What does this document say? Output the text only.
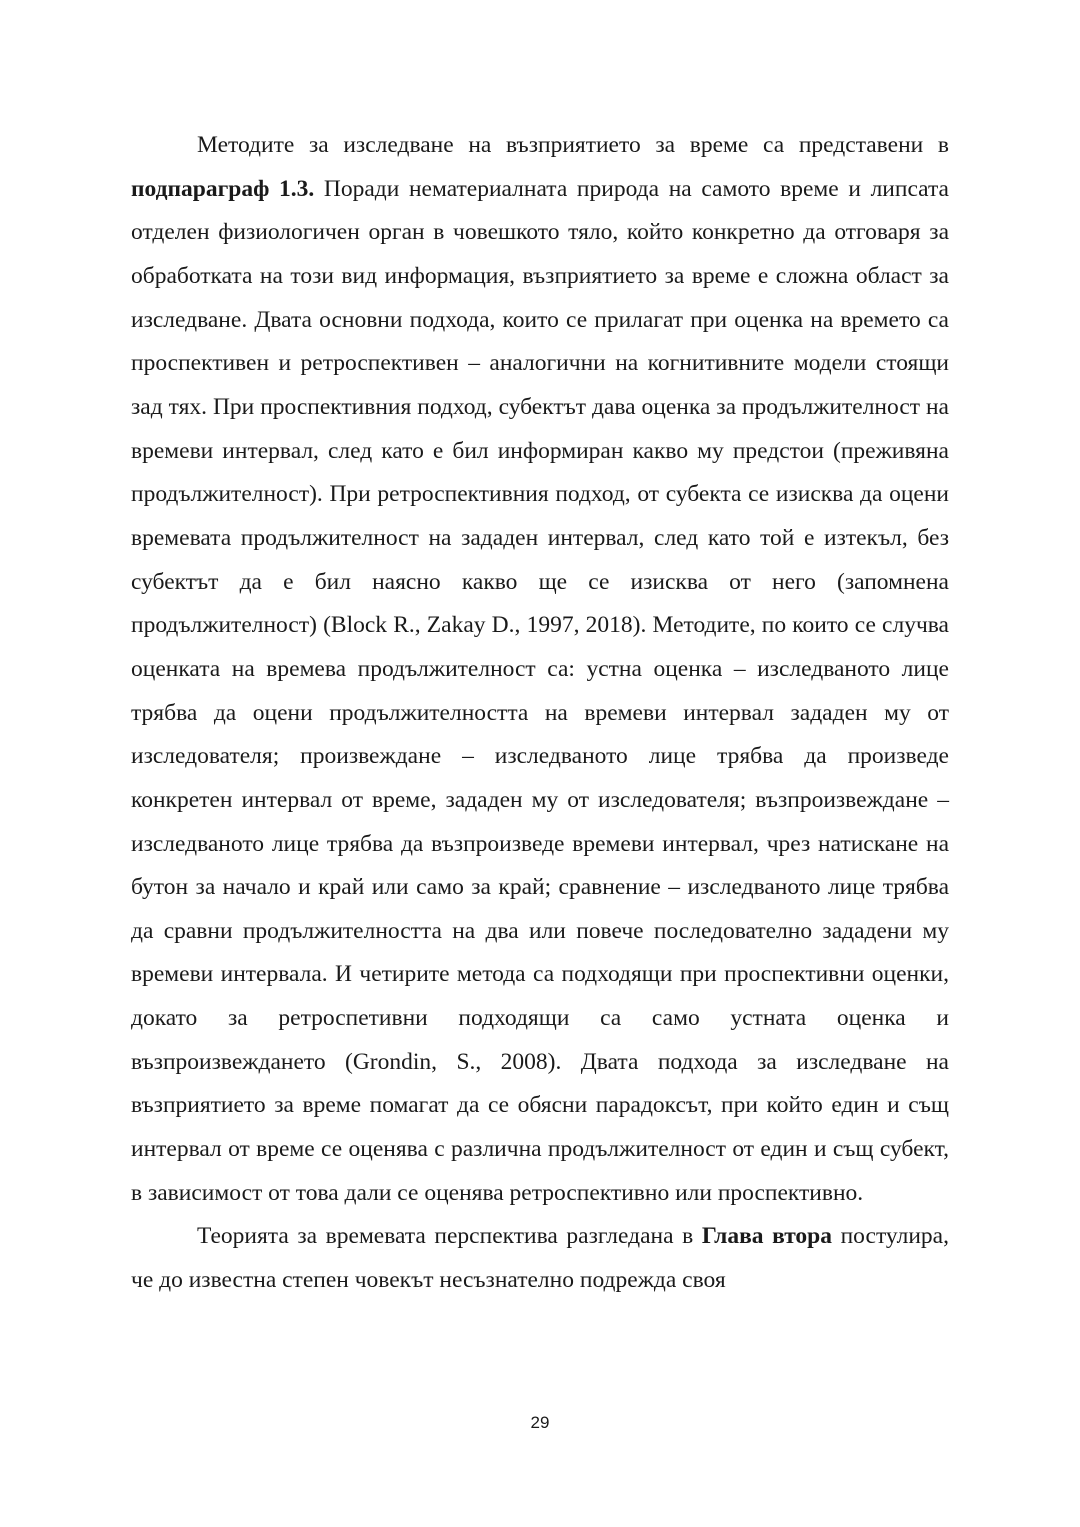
Методите за изследване на възприятието за време са представени в подпараграф 1.3. Поради нематериалната природа на самото време и липсата отделен физиологичен орган в човешкото тяло, който конкретно да отговаря за обработката на този вид информация, възприятието за време е сложна област за изследване. Двата основни подхода, които се прилагат при оценка на времето са проспективен и ретроспективен – аналогични на когнитивните модели стоящи зад тях. При проспективния подход, субектът дава оценка за продължителност на времеви интервал, след като е бил информиран какво му предстои (преживяна продължителност). При ретроспективния подход, от субекта се изисква да оцени времевата продължителност на зададен интервал, след като той е изтекъл, без субектът да е бил наясно какво ще се изисква от него (запомнена продължителност) (Block R., Zakay D., 1997, 2018). Методите, по които се случва оценката на времева продължителност са: устна оценка – изследваното лице трябва да оцени продължителността на времеви интервал зададен му от изследователя; произвеждане – изследваното лице трябва да произведе конкретен интервал от време, зададен му от изследователя; възпроизвеждане – изследваното лице трябва да възпроизведе времеви интервал, чрез натискане на бутон за начало и край или само за край; сравнение – изследваното лице трябва да сравни продължителността на два или повече последователно зададени му времеви интервала. И четирите метода са подходящи при проспективни оценки, докато за ретроспетивни подходящи са само устната оценка и възпроизвеждането (Grondin, S., 2008). Двата подхода за изследване на възприятието за време помагат да се обясни парадоксът, при който един и същ интервал от време се оценява с различна продължителност от един и същ субект, в зависимост от това дали се оценява ретроспективно или проспективно.

Теорията за времевата перспектива разгледана в Глава втора постулира, че до известна степен човекът несъзнателно подрежда своя

29
